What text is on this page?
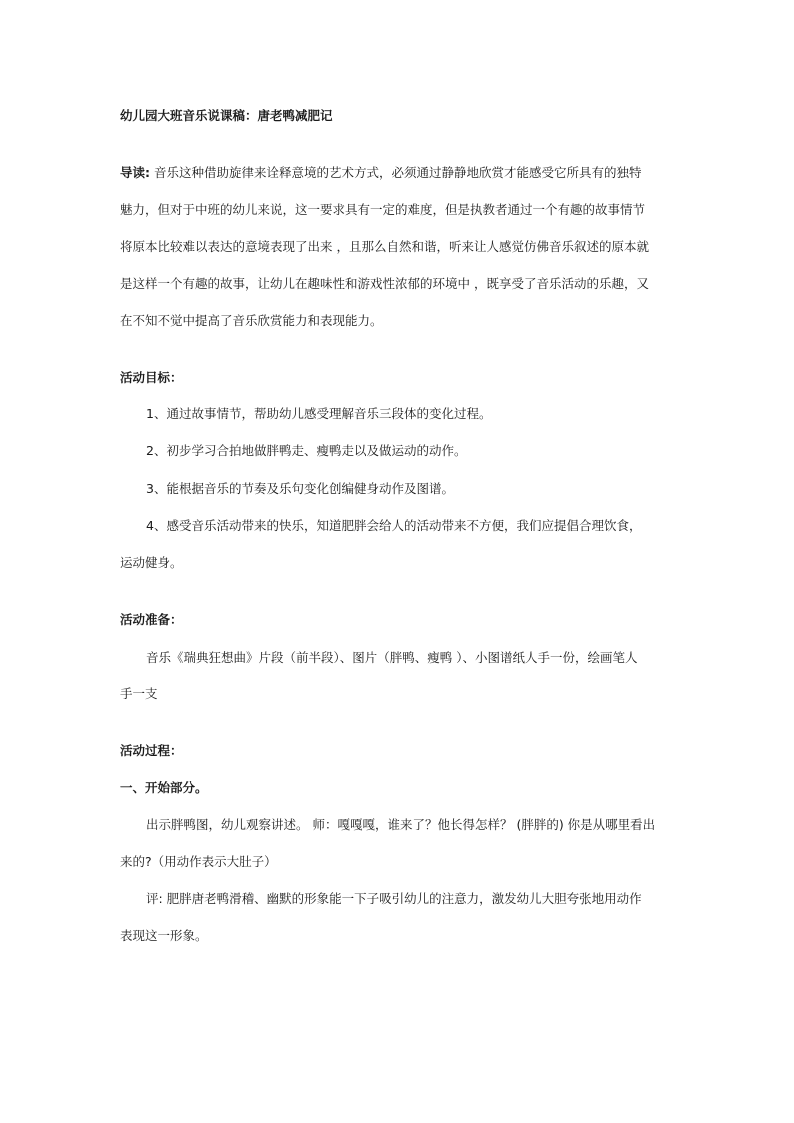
幼儿园大班音乐说课稿：唐老鸭减肥记

导读: 音乐这种借助旋律来诠释意境的艺术方式，必须通过静静地欣赏才能感受它所具有的独特

魅力，但对于中班的幼儿来说，这一要求具有一定的难度，但是执教者通过一个有趣的故事情节

将原本比较难以表达的意境表现了出来 ，且那么自然和谐，听来让人感觉仿佛音乐叙述的原本就

是这样一个有趣的故事，让幼儿在趣味性和游戏性浓郁的环境中 ，既享受了音乐活动的乐趣，又

在不知不觉中提高了音乐欣赏能力和表现能力。

活动目标：

1、通过故事情节，帮助幼儿感受理解音乐三段体的变化过程。

2、初步学习合拍地做胖鸭走、瘦鸭走以及做运动的动作。

3、能根据音乐的节奏及乐句变化创编健身动作及图谱。

4、感受音乐活动带来的快乐，知道肥胖会给人的活动带来不方便，我们应提倡合理饮食，

运动健身。

活动准备：

音乐《瑞典狂想曲》片段（前半段）、图片（胖鸭、瘦鸭 ）、小图谱纸人手一份，绘画笔人

手一支

活动过程：

一、开始部分。

出示胖鸭图，幼儿观察讲述。 师：嘎嘎嘎，谁来了？他长得怎样？ (胖胖的) 你是从哪里看出

来的?（用动作表示大肚子）

评: 肥胖唐老鸭滑稽、幽默的形象能一下子吸引幼儿的注意力，激发幼儿大胆夸张地用动作

表现这一形象。
